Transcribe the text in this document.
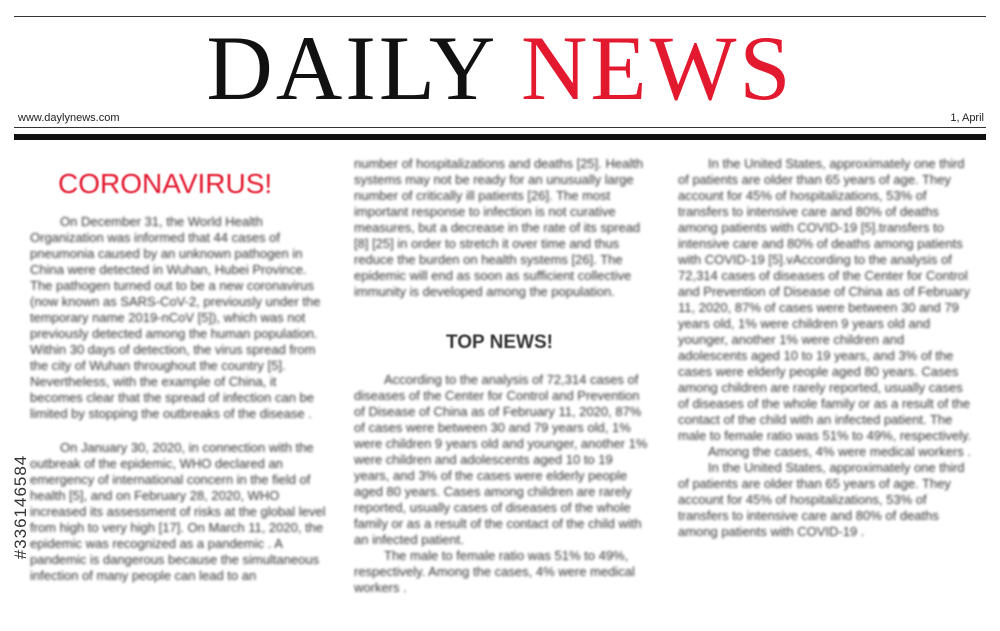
DAILY NEWS
www.daylynews.com	1, April
CORONAVIRUS!

On December 31, the World Health Organization was informed that 44 cases of pneumonia caused by an unknown pathogen in China were detected in Wuhan, Hubei Province. The pathogen turned out to be a new coronavirus (now known as SARS-CoV-2, previously under the temporary name 2019-nCoV [5]), which was not previously detected among the human population. Within 30 days of detection, the virus spread from the city of Wuhan throughout the country [5]. Nevertheless, with the example of China, it becomes clear that the spread of infection can be limited by stopping the outbreaks of the disease .

On January 30, 2020, in connection with the outbreak of the epidemic, WHO declared an emergency of international concern in the field of health [5], and on February 28, 2020, WHO increased its assessment of risks at the global level from high to very high [17]. On March 11, 2020, the epidemic was recognized as a pandemic . A pandemic is dangerous because the simultaneous infection of many people can lead to an

number of hospitalizations and deaths [25]. Health systems may not be ready for an unusually large number of critically ill patients [26]. The most important response to infection is not curative measures, but a decrease in the rate of its spread [8] [25] in order to stretch it over time and thus reduce the burden on health systems [26]. The epidemic will end as soon as sufficient collective immunity is developed among the population.

TOP NEWS!

According to the analysis of 72,314 cases of diseases of the Center for Control and Prevention of Disease of China as of February 11, 2020, 87% of cases were between 30 and 79 years old, 1% were children 9 years old and younger, another 1% were children and adolescents aged 10 to 19 years, and 3% of the cases were elderly people aged 80 years. Cases among children are rarely reported, usually cases of diseases of the whole family or as a result of the contact of the child with an infected patient.

The male to female ratio was 51% to 49%, respectively. Among the cases, 4% were medical workers .

In the United States, approximately one third of patients are older than 65 years of age. They account for 45% of hospitalizations, 53% of transfers to intensive care and 80% of deaths among patients with COVID-19 [5].transfers to intensive care and 80% of deaths among patients with COVID-19 [5].vAccording to the analysis of 72,314 cases of diseases of the Center for Control and Prevention of Disease of China as of February 11, 2020, 87% of cases were between 30 and 79 years old, 1% were children 9 years old and younger, another 1% were children and adolescents aged 10 to 19 years, and 3% of the cases were elderly people aged 80 years. Cases among children are rarely reported, usually cases of diseases of the whole family or as a result of the contact of the child with an infected patient. The male to female ratio was 51% to 49%, respectively.

Among the cases, 4% were medical workers .

In the United States, approximately one third of patients are older than 65 years of age. They account for 45% of hospitalizations, 53% of transfers to intensive care and 80% of deaths among patients with COVID-19 .

#336146584
